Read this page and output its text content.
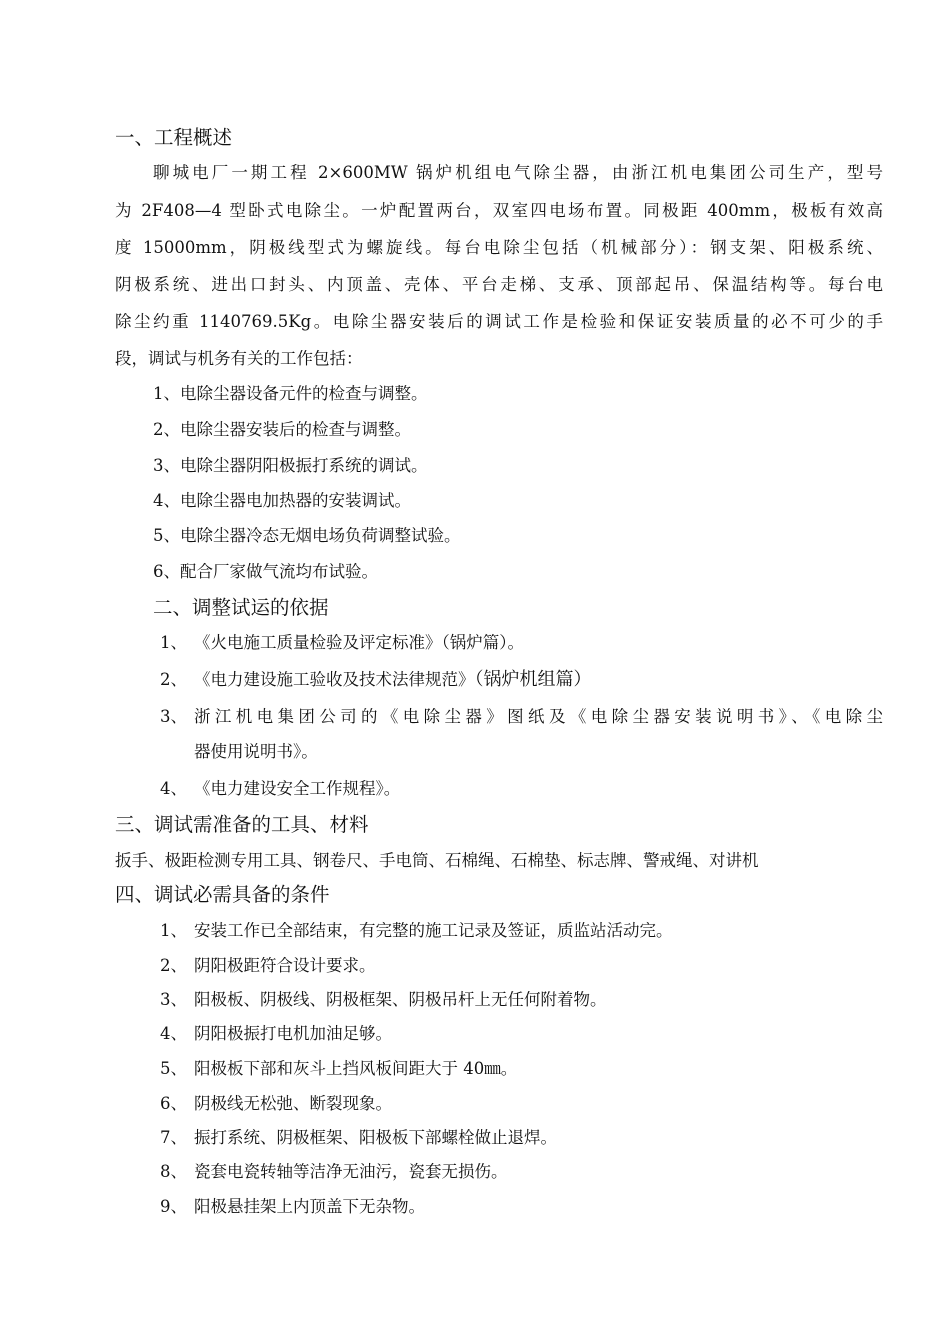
一、工程概述
聊城电厂一期工程 2×600MW 锅炉机组电气除尘器，由浙江机电集团公司生产，型号
为 2F408—4 型卧式电除尘。一炉配置两台，双室四电场布置。同极距 400mm，极板有效高
度 15000mm，阴极线型式为螺旋线。每台电除尘包括（机械部分）：钢支架、阳极系统、
阴极系统、进出口封头、内顶盖、壳体、平台走梯、支承、顶部起吊、保温结构等。每台电
除尘约重 1140769.5Kg。电除尘器安装后的调试工作是检验和保证安装质量的必不可少的手
段，调试与机务有关的工作包括：
1、电除尘器设备元件的检查与调整。
2、电除尘器安装后的检查与调整。
3、电除尘器阴阳极振打系统的调试。
4、电除尘器电加热器的安装调试。
5、电除尘器冷态无烟电场负荷调整试验。
6、配合厂家做气流均布试验。
二、调整试运的依据
1、 《火电施工质量检验及评定标准》（锅炉篇）。
2、 《电力建设施工验收及技术法律规范》（锅炉机组篇）
3、 浙江机电集团公司的《电除尘器》图纸及《电除尘器安装说明书》、《电除尘
器使用说明书》。
4、 《电力建设安全工作规程》。
三、调试需准备的工具、材料
扳手、极距检测专用工具、钢卷尺、手电筒、石棉绳、石棉垫、标志牌、警戒绳、对讲机
四、调试必需具备的条件
1、 安装工作已全部结束，有完整的施工记录及签证，质监站活动完。
2、 阴阳极距符合设计要求。
3、 阳极板、阴极线、阴极框架、阴极吊杆上无任何附着物。
4、 阴阳极振打电机加油足够。
5、 阳极板下部和灰斗上挡风板间距大于 40㎜。
6、 阴极线无松弛、断裂现象。
7、 振打系统、阴极框架、阳极板下部螺栓做止退焊。
8、 瓷套电瓷转轴等洁净无油污，瓷套无损伤。
9、 阳极悬挂架上内顶盖下无杂物。
